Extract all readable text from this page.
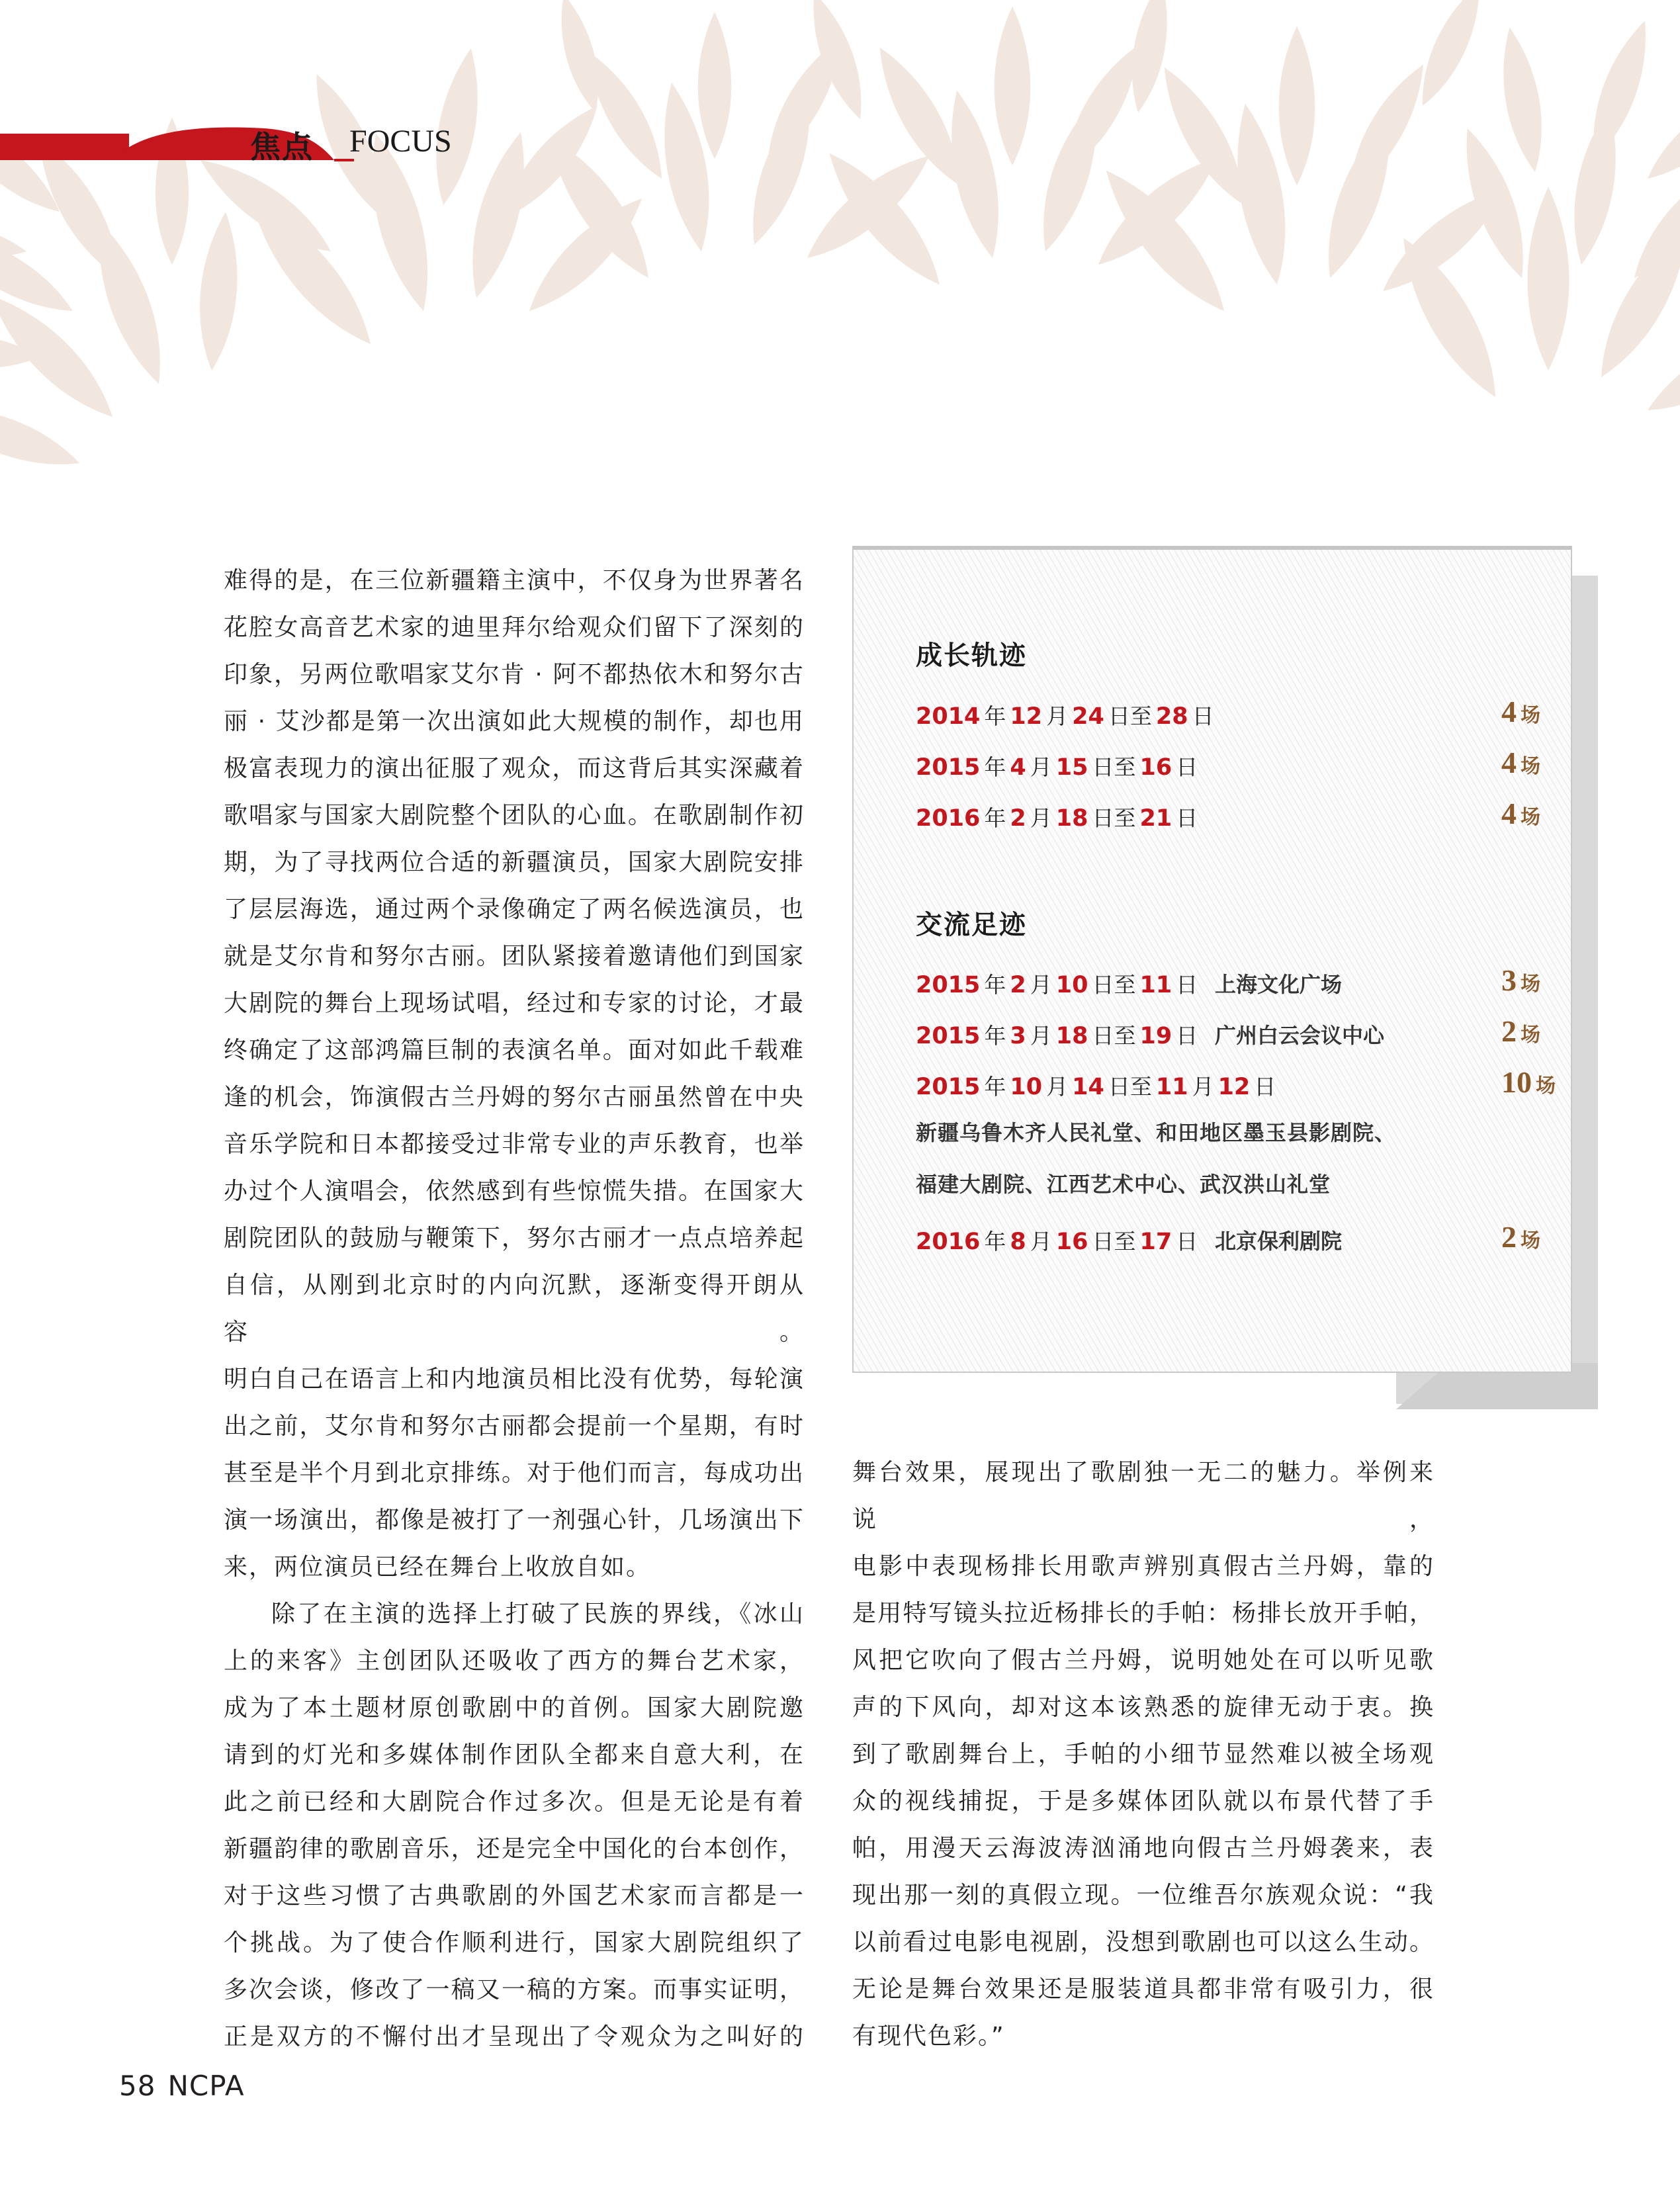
焦点 FOCUS

难得的是，在三位新疆籍主演中，不仅身为世界著名

花腔女高音艺术家的迪里拜尔给观众们留下了深刻的

印象，另两位歌唱家艾尔肯 · 阿不都热依木和努尔古

丽 · 艾沙都是第一次出演如此大规模的制作，却也用

极富表现力的演出征服了观众，而这背后其实深藏着

歌唱家与国家大剧院整个团队的心血。在歌剧制作初

期，为了寻找两位合适的新疆演员，国家大剧院安排

了层层海选，通过两个录像确定了两名候选演员，也

就是艾尔肯和努尔古丽。团队紧接着邀请他们到国家

大剧院的舞台上现场试唱，经过和专家的讨论，才最

终确定了这部鸿篇巨制的表演名单。面对如此千载难

逢的机会，饰演假古兰丹姆的努尔古丽虽然曾在中央

音乐学院和日本都接受过非常专业的声乐教育，也举

办过个人演唱会，依然感到有些惊慌失措。在国家大

剧院团队的鼓励与鞭策下，努尔古丽才一点点培养起

自信，从刚到北京时的内向沉默，逐渐变得开朗从容。

明白自己在语言上和内地演员相比没有优势，每轮演

出之前，艾尔肯和努尔古丽都会提前一个星期，有时

甚至是半个月到北京排练。对于他们而言，每成功出

演一场演出，都像是被打了一剂强心针，几场演出下

来，两位演员已经在舞台上收放自如。

除了在主演的选择上打破了民族的界线，《冰山

上的来客》主创团队还吸收了西方的舞台艺术家，

成为了本土题材原创歌剧中的首例。国家大剧院邀

请到的灯光和多媒体制作团队全都来自意大利，在

此之前已经和大剧院合作过多次。但是无论是有着

新疆韵律的歌剧音乐，还是完全中国化的台本创作，

对于这些习惯了古典歌剧的外国艺术家而言都是一

个挑战。为了使合作顺利进行，国家大剧院组织了

多次会谈，修改了一稿又一稿的方案。而事实证明，

正是双方的不懈付出才呈现出了令观众为之叫好的

成长轨迹
2014 年 12 月 24 日至 28 日	4 场
2015 年 4 月 15 日至 16 日	4 场
2016 年 2 月 18 日至 21 日	4 场
交流足迹
2015 年 2 月 10 日至 11 日 上海文化广场	3 场
2015 年 3 月 18 日至 19 日 广州白云会议中心	2 场
2015 年 10 月 14 日至 11 月 12 日	10 场
新疆乌鲁木齐人民礼堂、和田地区墨玉县影剧院、
福建大剧院、江西艺术中心、武汉洪山礼堂
2016 年 8 月 16 日至 17 日 北京保利剧院	2 场

舞台效果，展现出了歌剧独一无二的魅力。举例来说，

电影中表现杨排长用歌声辨别真假古兰丹姆，靠的

是用特写镜头拉近杨排长的手帕：杨排长放开手帕，

风把它吹向了假古兰丹姆，说明她处在可以听见歌

声的下风向，却对这本该熟悉的旋律无动于衷。换

到了歌剧舞台上，手帕的小细节显然难以被全场观

众的视线捕捉，于是多媒体团队就以布景代替了手

帕，用漫天云海波涛汹涌地向假古兰丹姆袭来，表

现出那一刻的真假立现。一位维吾尔族观众说：“我

以前看过电影电视剧，没想到歌剧也可以这么生动。

无论是舞台效果还是服装道具都非常有吸引力，很

有现代色彩。”

58 NCPA
